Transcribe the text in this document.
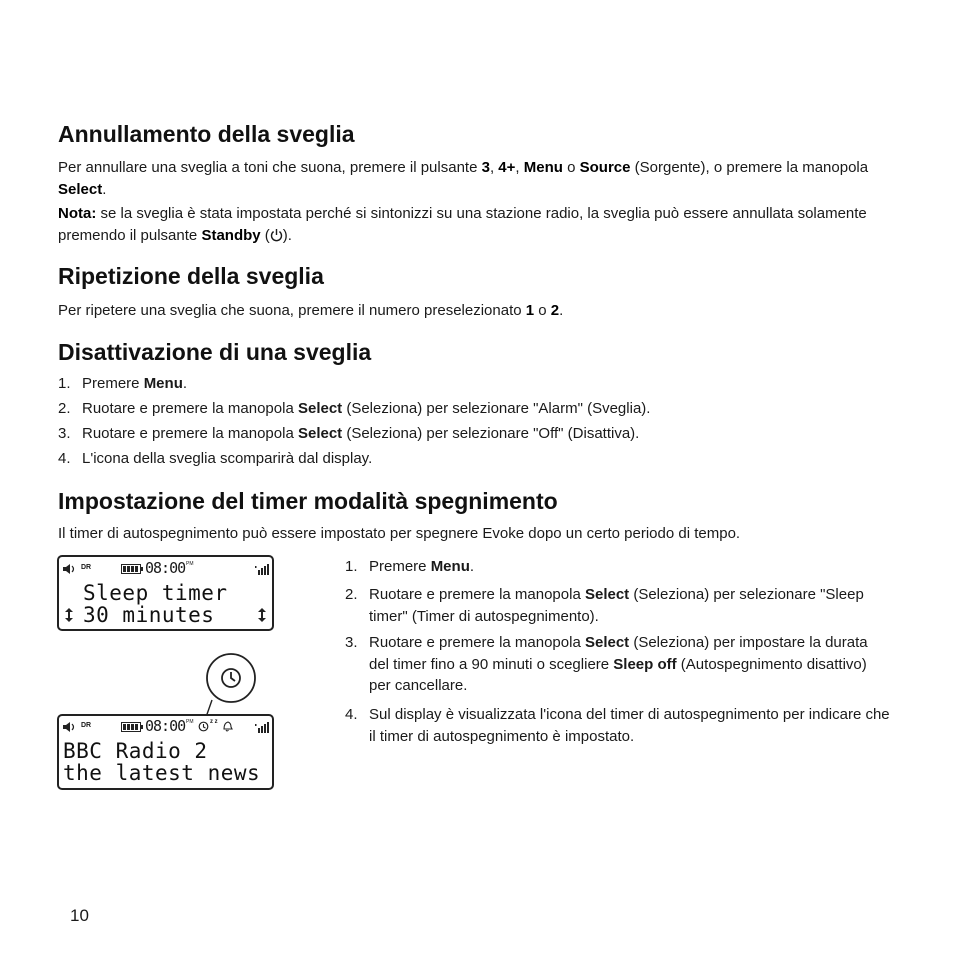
Annullamento della sveglia

Per annullare una sveglia a toni che suona, premere il pulsante 3, 4+, Menu o Source (Sorgente), o premere la manopola Select.

Nota: se la sveglia è stata impostata perché si sintonizzi su una stazione radio, la sveglia può essere annullata solamente premendo il pulsante Standby ( ).

Ripetizione della sveglia

Per ripetere una sveglia che suona, premere il numero preselezionato 1 o 2.

Disattivazione di una sveglia
1. Premere Menu.
2. Ruotare e premere la manopola Select (Seleziona) per selezionare "Alarm" (Sveglia).
3. Ruotare e premere la manopola Select (Seleziona) per selezionare "Off" (Disattiva).
4. L'icona della sveglia scomparirà dal display.
Impostazione del timer modalità spegnimento

Il timer di autospegnimento può essere impostato per spegnere Evoke dopo un certo periodo di tempo.

1. Premere Menu.
2. Ruotare e premere la manopola Select (Seleziona) per selezionare "Sleep timer" (Timer di autospegnimento).
3. Ruotare e premere la manopola Select (Seleziona) per impostare la durata del timer fino a 90 minuti o scegliere Sleep off (Autospegnimento disattivo) per cancellare.
4. Sul display è visualizzata l'icona del timer di autospegnimento per indicare che il timer di autospegnimento è impostato.
DR	08:00 PM
Sleep timer
30 minutes
DR	08:00 PM	z z
BBC Radio 2
the latest news
10
